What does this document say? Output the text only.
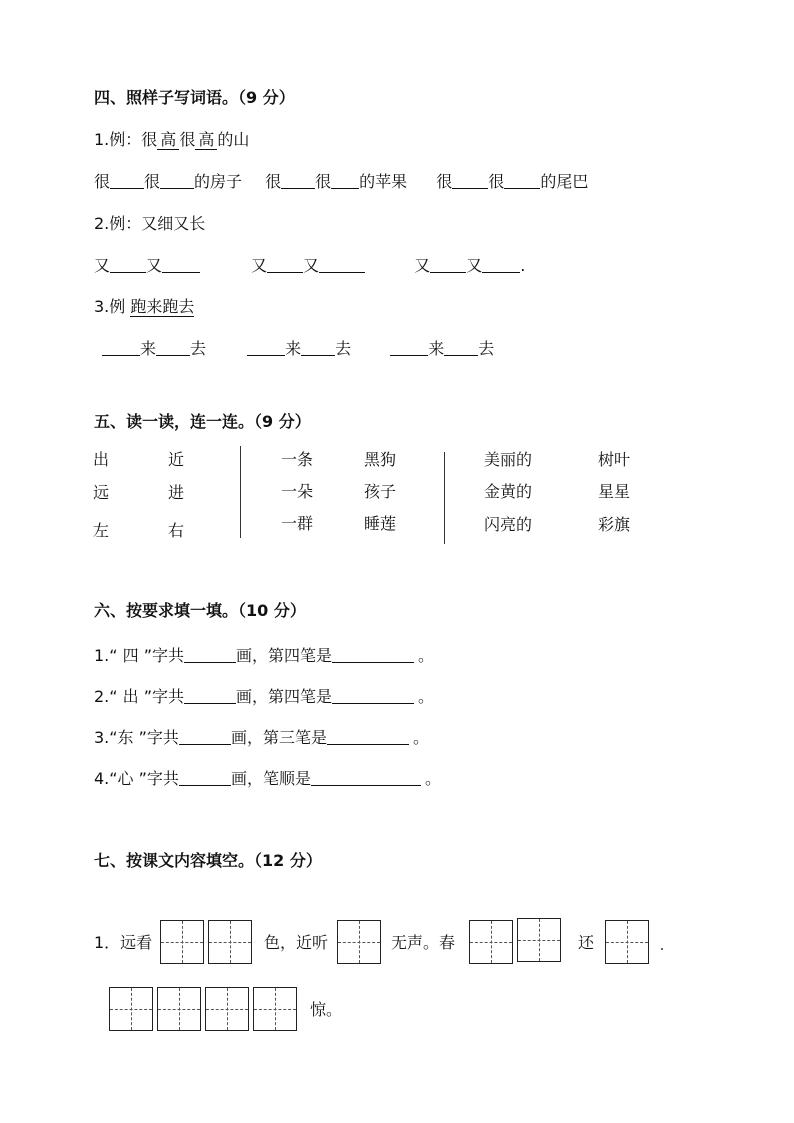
四、照样子写词语。（9 分）
1.例：很 高 很 高 的山
很 很 的房子 很 很 的苹果 很 很 的尾巴
2.例：又细又长
又 又	又 又	又 又 .
3.例 跑来跑去
来 去	来 去	来 去
五、读一读，连一连。（9 分）
出	近
远	进
左	右
一条	黑狗
一朵	孩子
一群	睡莲
美丽的	树叶
金黄的	星星
闪亮的	彩旗
六、按要求填一填。（10 分）
1.“ 四 ”字共	画，第四笔是	。
2.“ 出 ”字共	画，第四笔是	。
3.“东 ”字共	画，第三笔是	。
4.“心 ”字共	画，笔顺是	。
七、按课文内容填空。（12 分）
1．远看	色，近听	无声。春	还
惊。
